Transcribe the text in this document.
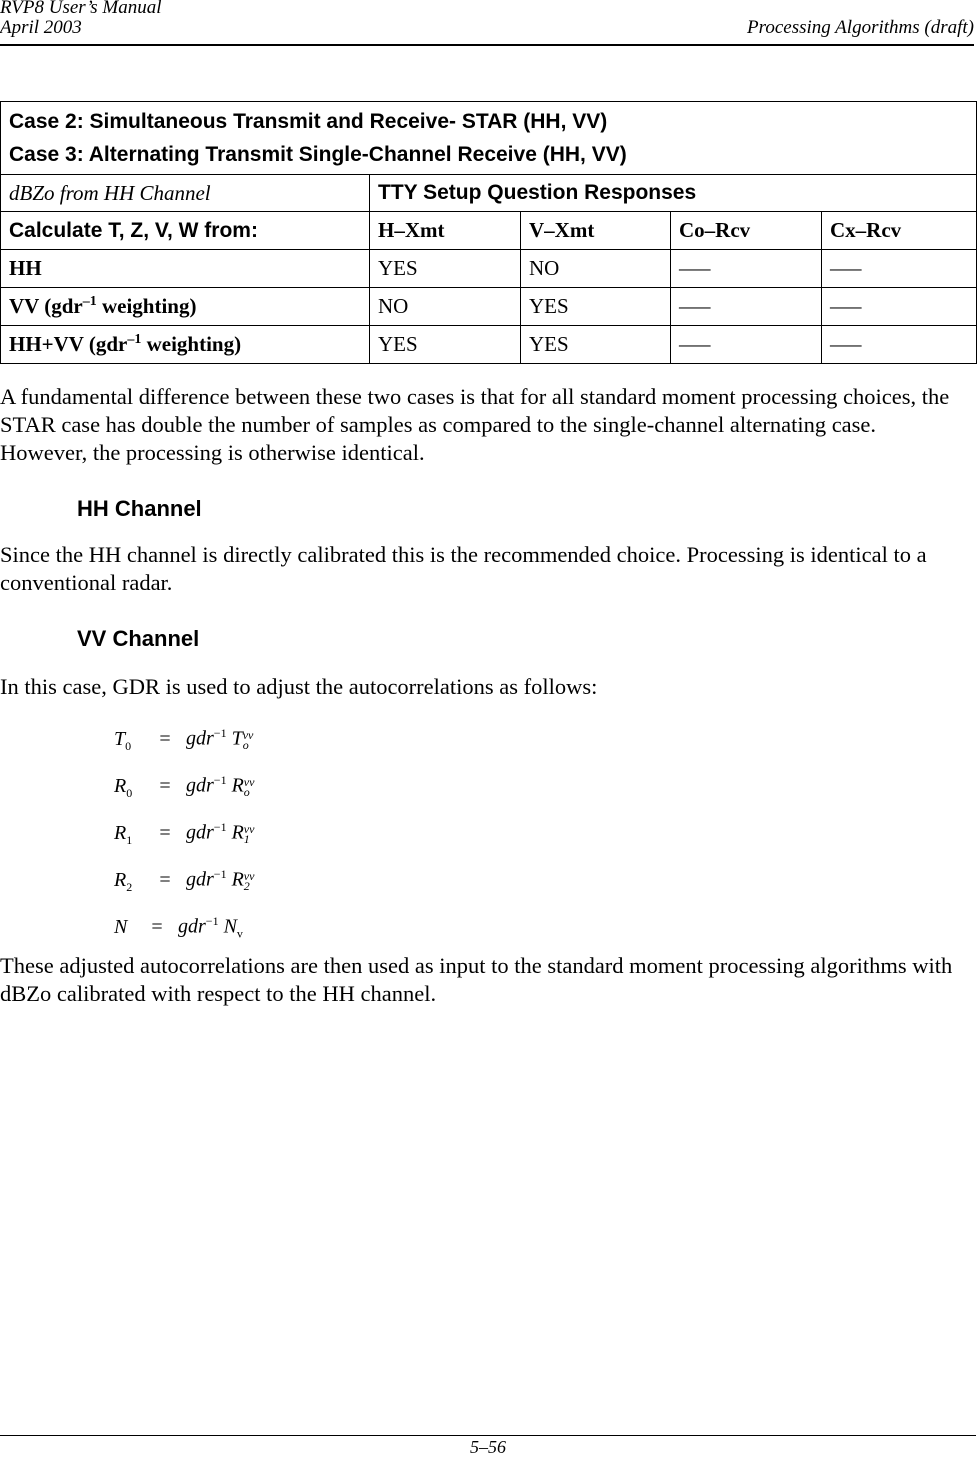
RVP8 User’s Manual
April 2003	Processing Algorithms (draft)
Case 2: Simultaneous Transmit and Receive- STAR (HH, VV)
Case 3: Alternating Transmit Single-Channel Receive (HH, VV)				

dBZo from HH Channel	TTY Setup Question Responses			
Calculate T, Z, V, W from:	H–Xmt	V–Xmt	Co–Rcv	Cx–Rcv
HH	YES	NO	–––	–––
VV (gdr$^{-1}$ weighting)	NO	YES	–––	–––
HH+VV (gdr$^{-1}$ weighting)	YES	YES	–––	–––

A fundamental difference between these two cases is that for all standard moment processing choices, the STAR case has double the number of samples as compared to the single-channel alternating case. However, the processing is otherwise identical.

HH Channel

Since the HH channel is directly calibrated this is the recommended choice. Processing is identical to a conventional radar.

VV Channel

In this case, GDR is used to adjust the autocorrelations as follows:

$T_0 = gdr^{-1}$ Tvv
o
$R_0 = gdr^{-1}$ Rvv
o
$R_1 = gdr^{-1}$ Rvv
1
$R_2 = gdr^{-1}$ Rvv
2
N = gdr$^{-1}$ $N_v$

These adjusted autocorrelations are then used as input to the standard moment processing algorithms with dBZo calibrated with respect to the HH channel.

5–56
